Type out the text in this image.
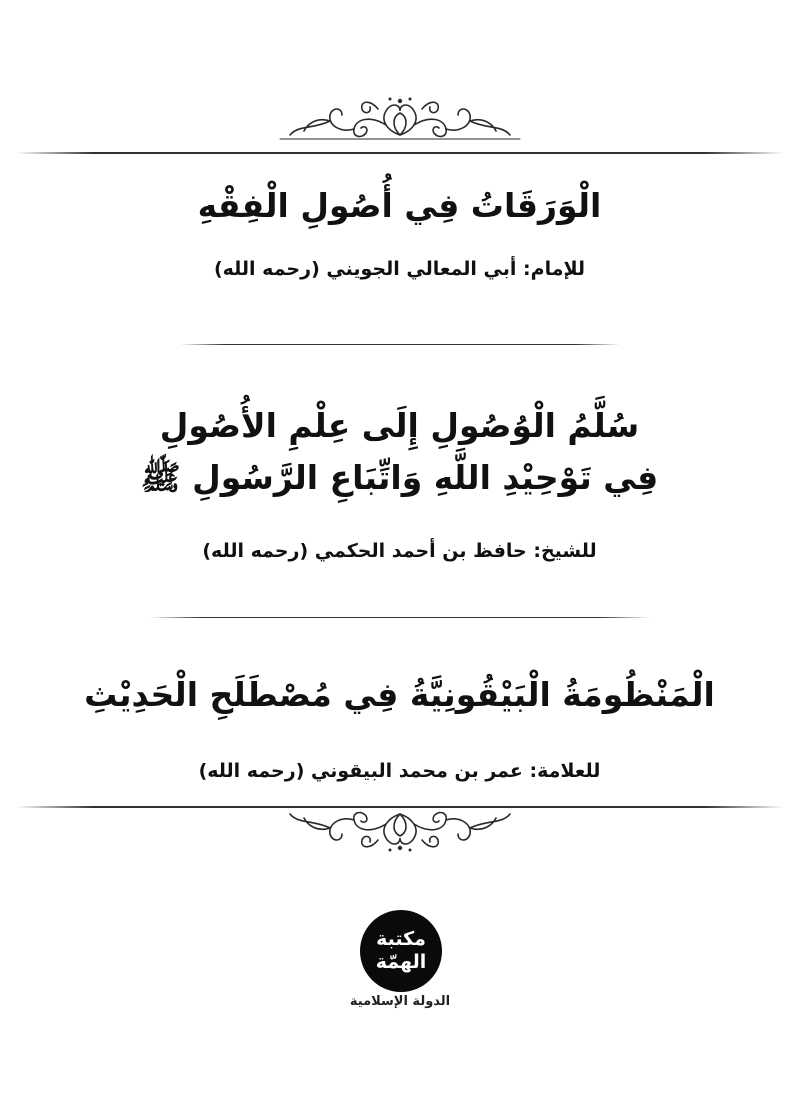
الْوَرَقَاتُ فِي أُصُولِ الْفِقْهِ
للإمام: أبي المعالي الجويني (رحمه الله)
سُلَّمُ الْوُصُولِ إِلَى عِلْمِ الأُصُولِ
فِي تَوْحِيْدِ اللَّهِ وَاتِّبَاعِ الرَّسُولِ ﷺ
للشيخ: حافظ بن أحمد الحكمي (رحمه الله)
الْمَنْظُومَةُ الْبَيْقُونِيَّةُ فِي مُصْطَلَحِ الْحَدِيْثِ
للعلامة: عمر بن محمد البيقوني (رحمه الله)
مكتبة
الهمّة
الدولة الإسلامية
